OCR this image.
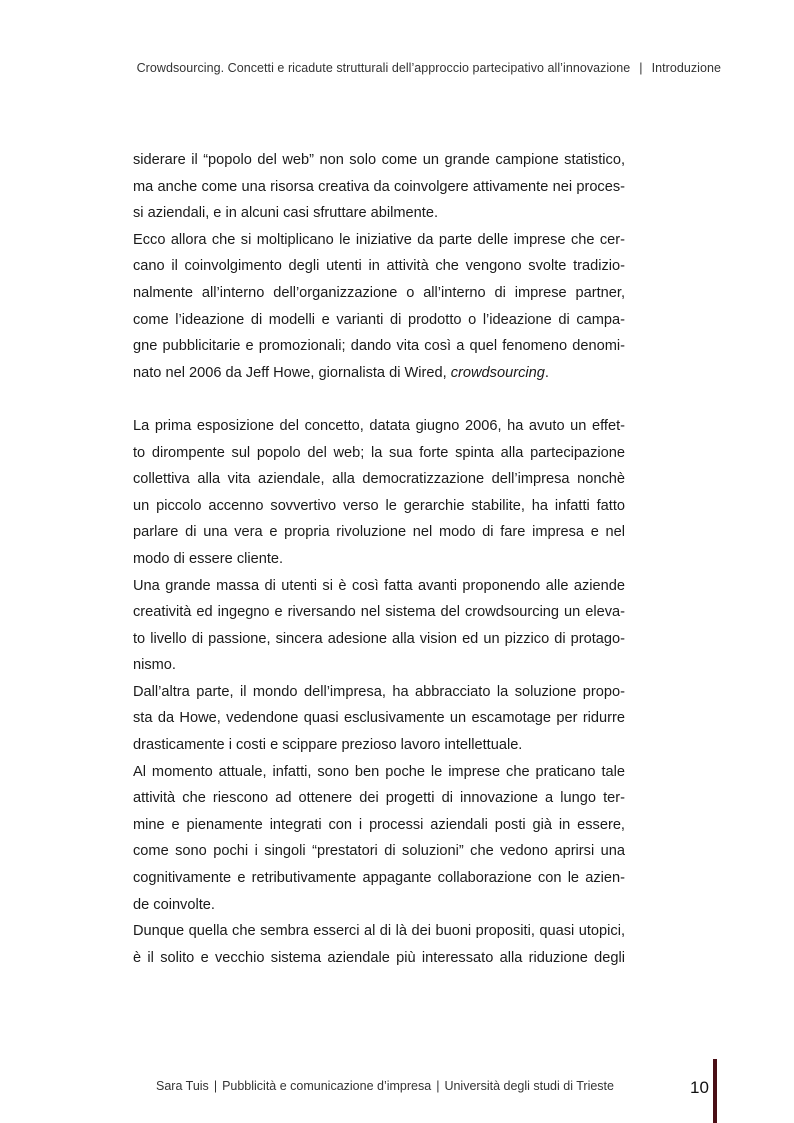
Crowdsourcing. Concetti e ricadute strutturali dell’approccio partecipativo all’innovazione | Introduzione
siderare il “popolo del web” non solo come un grande campione statistico,
ma anche come una risorsa creativa da coinvolgere attivamente nei proces-
si aziendali, e in alcuni casi sfruttare abilmente.
Ecco allora che si moltiplicano le iniziative da parte delle imprese che cer-
cano il coinvolgimento degli utenti in attività che vengono svolte tradizio-
nalmente all’interno dell’organizzazione o all’interno di imprese partner,
come l’ideazione di modelli e varianti di prodotto o l’ideazione di campa-
gne pubblicitarie e promozionali; dando vita così a quel fenomeno denomi-
nato nel 2006 da Jeff Howe, giornalista di Wired, crowdsourcing.
La prima esposizione del concetto, datata giugno 2006, ha avuto un effet-
to dirompente sul popolo del web; la sua forte spinta alla partecipazione
collettiva alla vita aziendale, alla democratizzazione dell’impresa nonchè
un piccolo accenno sovvertivo verso le gerarchie stabilite, ha infatti fatto
parlare di una vera e propria rivoluzione nel modo di fare impresa e nel
modo di essere cliente.
Una grande massa di utenti si è così fatta avanti proponendo alle aziende
creatività ed ingegno e riversando nel sistema del crowdsourcing un eleva-
to livello di passione, sincera adesione alla vision ed un pizzico di protago-
nismo.
Dall’altra parte, il mondo dell’impresa, ha abbracciato la soluzione propo-
sta da Howe, vedendone quasi esclusivamente un escamotage per ridurre
drasticamente i costi e scippare prezioso lavoro intellettuale.
Al momento attuale, infatti, sono ben poche le imprese che praticano tale
attività che riescono ad ottenere dei progetti di innovazione a lungo ter-
mine e pienamente integrati con i processi aziendali posti già in essere,
come sono pochi i singoli “prestatori di soluzioni” che vedono aprirsi una
cognitivamente e retributivamente appagante collaborazione con le azien-
de coinvolte.
Dunque quella che sembra esserci al di là dei buoni propositi, quasi utopici,
è il solito e vecchio sistema aziendale più interessato alla riduzione degli
Sara Tuis | Pubblicità e comunicazione d’impresa | Università degli studi di Trieste	10
